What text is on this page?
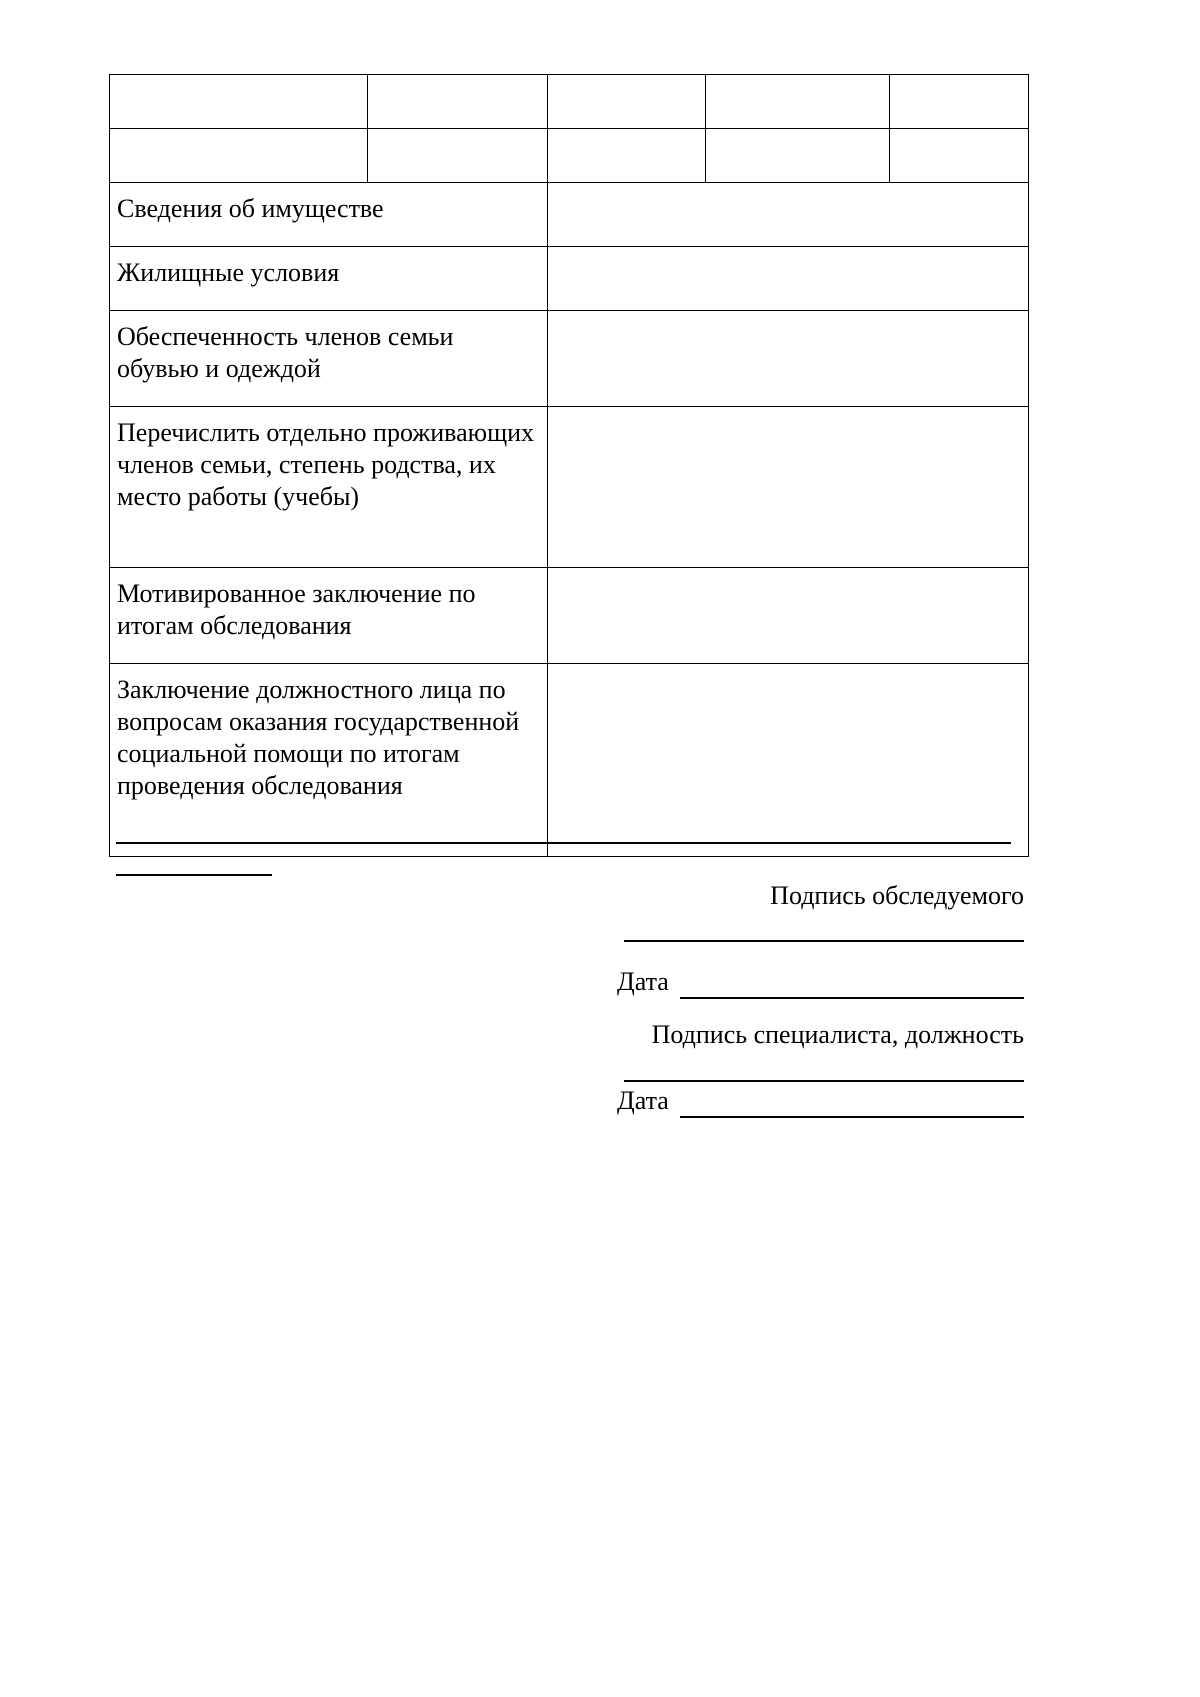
Сведения об имуществе				
Жилищные условия				
Обеспеченность членов семьи обувью и одеждой				
Перечислить отдельно проживающих членов семьи, степень родства, их место работы (учебы)				
Мотивированное заключение по итогам обследования				
Заключение должностного лица по вопросам оказания государственной социальной помощи по итогам проведения обследования				
Подпись обследуемого
Дата
Подпись специалиста, должность
Дата
